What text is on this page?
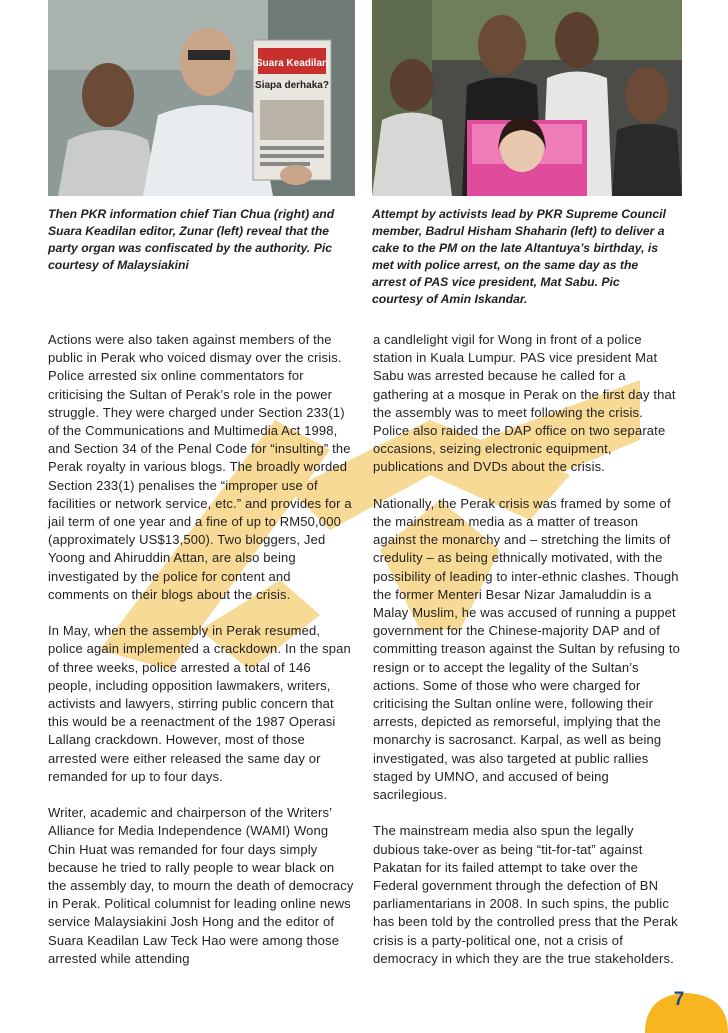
Suara Keadilan
Siapa derhaka?
Then PKR information chief Tian Chua (right) and Suara Keadilan editor, Zunar (left) reveal that the party organ was confiscated by the authority. Pic courtesy of Malaysiakini
Attempt by activists lead by PKR Supreme Council member, Badrul Hisham Shaharin (left) to deliver a cake to the PM on the late Altantuya’s birthday, is met with police arrest, on the same day as the arrest of PAS vice president, Mat Sabu. Pic courtesy of Amin Iskandar.

Actions were also taken against members of the public in Perak who voiced dismay over the crisis. Police arrested six online commentators for criticising the Sultan of Perak’s role in the power struggle. They were charged under Section 233(1) of the Communications and Multimedia Act 1998, and Section 34 of the Penal Code for “insulting” the Perak royalty in various blogs. The broadly worded Section 233(1) penalises the “improper use of facilities or network service, etc.” and provides for a jail term of one year and a fine of up to RM50,000 (approximately US$13,500). Two bloggers, Jed Yoong and Ahiruddin Attan, are also being investigated by the police for content and comments on their blogs about the crisis.

In May, when the assembly in Perak resumed, police again implemented a crackdown. In the span of three weeks, police arrested a total of 146 people, including opposition lawmakers, writers, activists and lawyers, stirring public concern that this would be a reenactment of the 1987 Operasi Lallang crackdown. However, most of those arrested were either released the same day or remanded for up to four days.

Writer, academic and chairperson of the Writers’ Alliance for Media Independence (WAMI) Wong Chin Huat was remanded for four days simply because he tried to rally people to wear black on the assembly day, to mourn the death of democracy in Perak. Political columnist for leading online news service Malaysiakini Josh Hong and the editor of Suara Keadilan Law Teck Hao were among those arrested while attending

a candlelight vigil for Wong in front of a police station in Kuala Lumpur. PAS vice president Mat Sabu was arrested because he called for a gathering at a mosque in Perak on the first day that the assembly was to meet following the crisis. Police also raided the DAP office on two separate occasions, seizing electronic equipment, publications and DVDs about the crisis.

Nationally, the Perak crisis was framed by some of the mainstream media as a matter of treason against the monarchy and – stretching the limits of credulity – as being ethnically motivated, with the possibility of leading to inter-ethnic clashes. Though the former Menteri Besar Nizar Jamaluddin is a Malay Muslim, he was accused of running a puppet government for the Chinese-majority DAP and of committing treason against the Sultan by refusing to resign or to accept the legality of the Sultan’s actions. Some of those who were charged for criticising the Sultan online were, following their arrests, depicted as remorseful, implying that the monarchy is sacrosanct. Karpal, as well as being investigated, was also targeted at public rallies staged by UMNO, and accused of being sacrilegious.

The mainstream media also spun the legally dubious take-over as being “tit-for-tat” against Pakatan for its failed attempt to take over the Federal government through the defection of BN parliamentarians in 2008. In such spins, the public has been told by the controlled press that the Perak crisis is a party-political one, not a crisis of democracy in which they are the true stakeholders.

7
